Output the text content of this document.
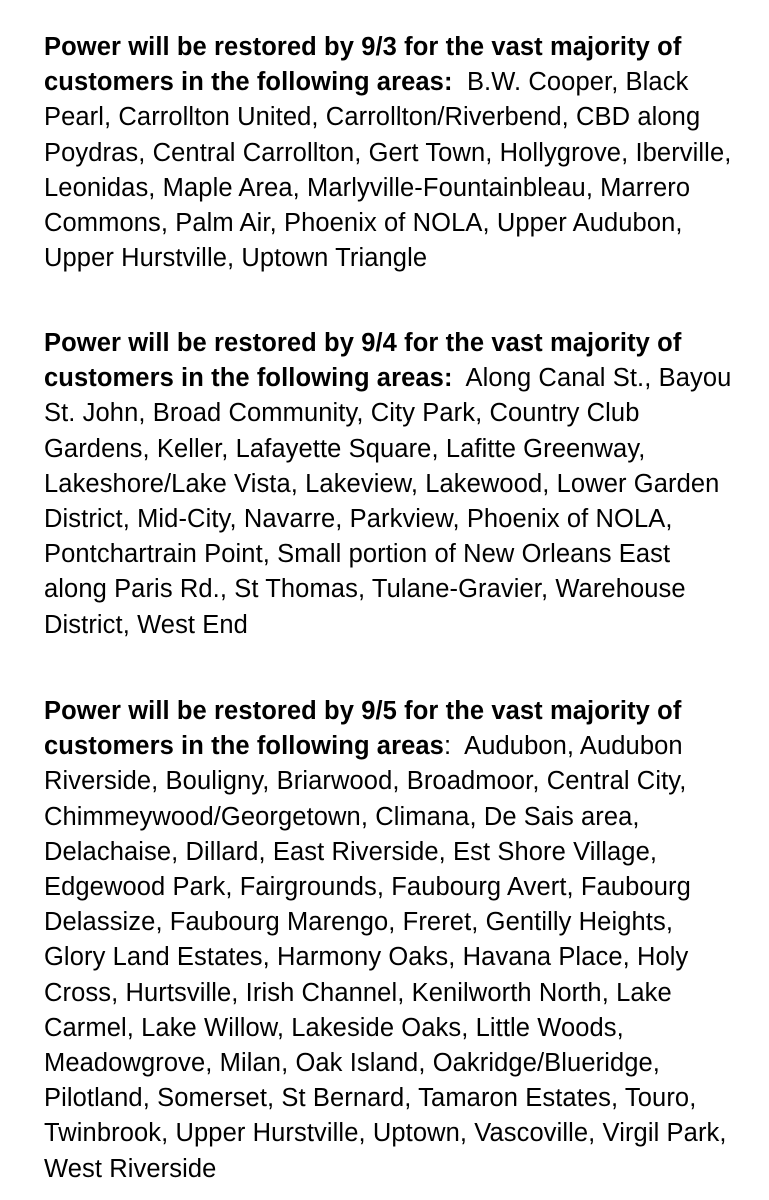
Power will be restored by 9/3 for the vast majority of customers in the following areas: B.W. Cooper, Black Pearl, Carrollton United, Carrollton/Riverbend, CBD along Poydras, Central Carrollton, Gert Town, Hollygrove, Iberville, Leonidas, Maple Area, Marlyville-Fountainbleau, Marrero Commons, Palm Air, Phoenix of NOLA, Upper Audubon, Upper Hurstville, Uptown Triangle

Power will be restored by 9/4 for the vast majority of customers in the following areas: Along Canal St., Bayou St. John, Broad Community, City Park, Country Club Gardens, Keller, Lafayette Square, Lafitte Greenway, Lakeshore/Lake Vista, Lakeview, Lakewood, Lower Garden District, Mid-City, Navarre, Parkview, Phoenix of NOLA, Pontchartrain Point, Small portion of New Orleans East along Paris Rd., St Thomas, Tulane-Gravier, Warehouse District, West End

Power will be restored by 9/5 for the vast majority of customers in the following areas: Audubon, Audubon Riverside, Bouligny, Briarwood, Broadmoor, Central City, Chimmeywood/Georgetown, Climana, De Sais area, Delachaise, Dillard, East Riverside, Est Shore Village, Edgewood Park, Fairgrounds, Faubourg Avert, Faubourg Delassize, Faubourg Marengo, Freret, Gentilly Heights, Glory Land Estates, Harmony Oaks, Havana Place, Holy Cross, Hurtsville, Irish Channel, Kenilworth North, Lake Carmel, Lake Willow, Lakeside Oaks, Little Woods, Meadowgrove, Milan, Oak Island, Oakridge/Blueridge, Pilotland, Somerset, St Bernard, Tamaron Estates, Touro, Twinbrook, Upper Hurstville, Uptown, Vascoville, Virgil Park, West Riverside
